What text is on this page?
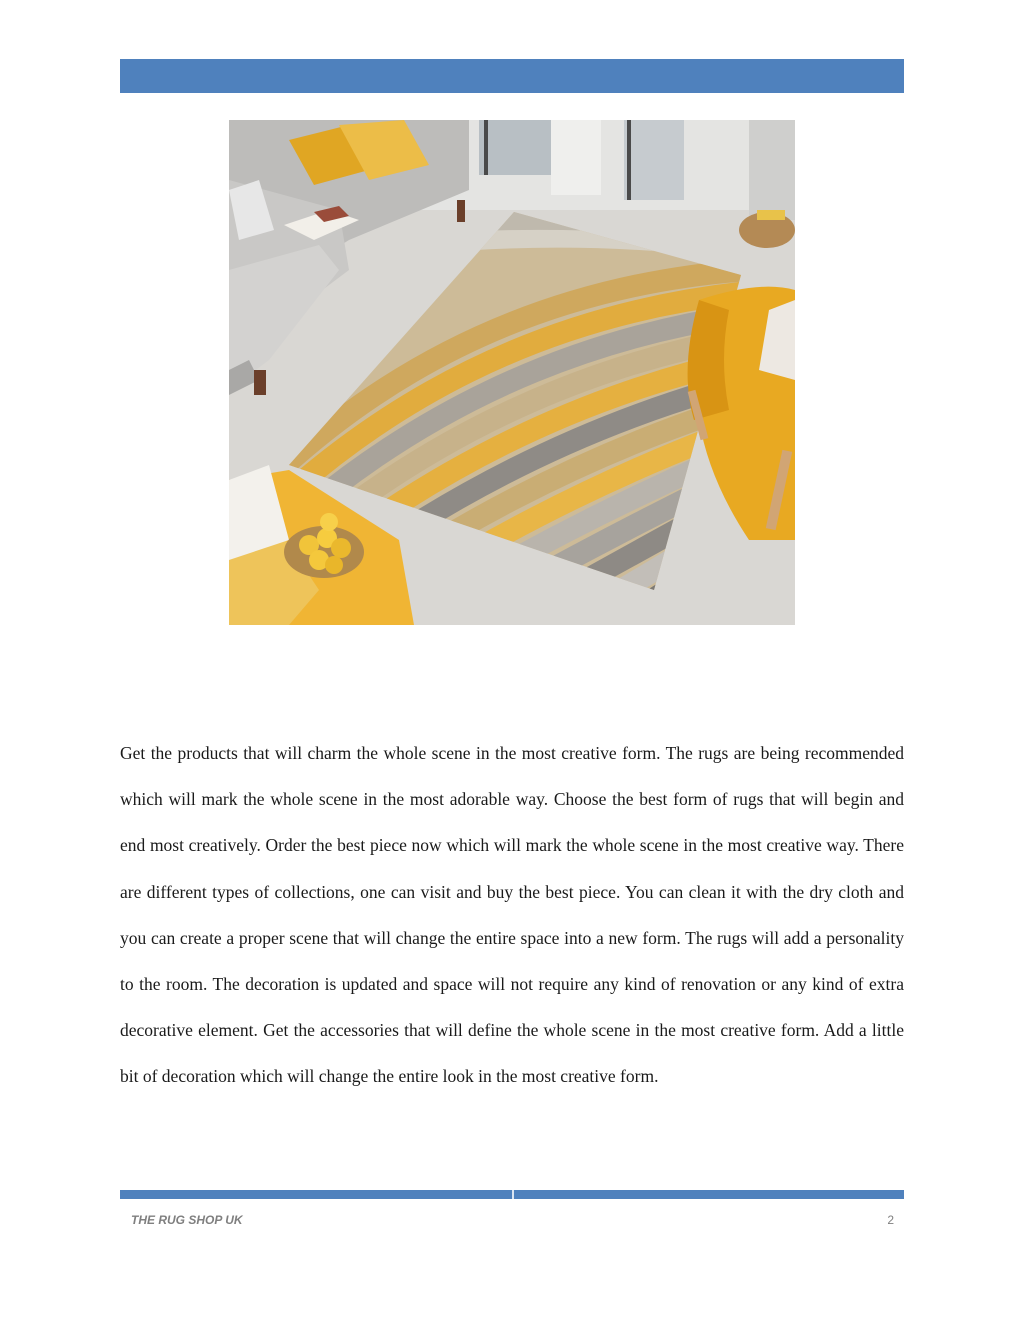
Get the products that will charm the whole scene in the most creative form. The rugs are being recommended which will mark the whole scene in the most adorable way. Choose the best form of rugs that will begin and end most creatively. Order the best piece now which will mark the whole scene in the most creative way. There are different types of collections, one can visit and buy the best piece. You can clean it with the dry cloth and you can create a proper scene that will change the entire space into a new form. The rugs will add a personality to the room. The decoration is updated and space will not require any kind of renovation or any kind of extra decorative element. Get the accessories that will define the whole scene in the most creative form. Add a little bit of decoration which will change the entire look in the most creative form.

THE RUG SHOP UK	2
